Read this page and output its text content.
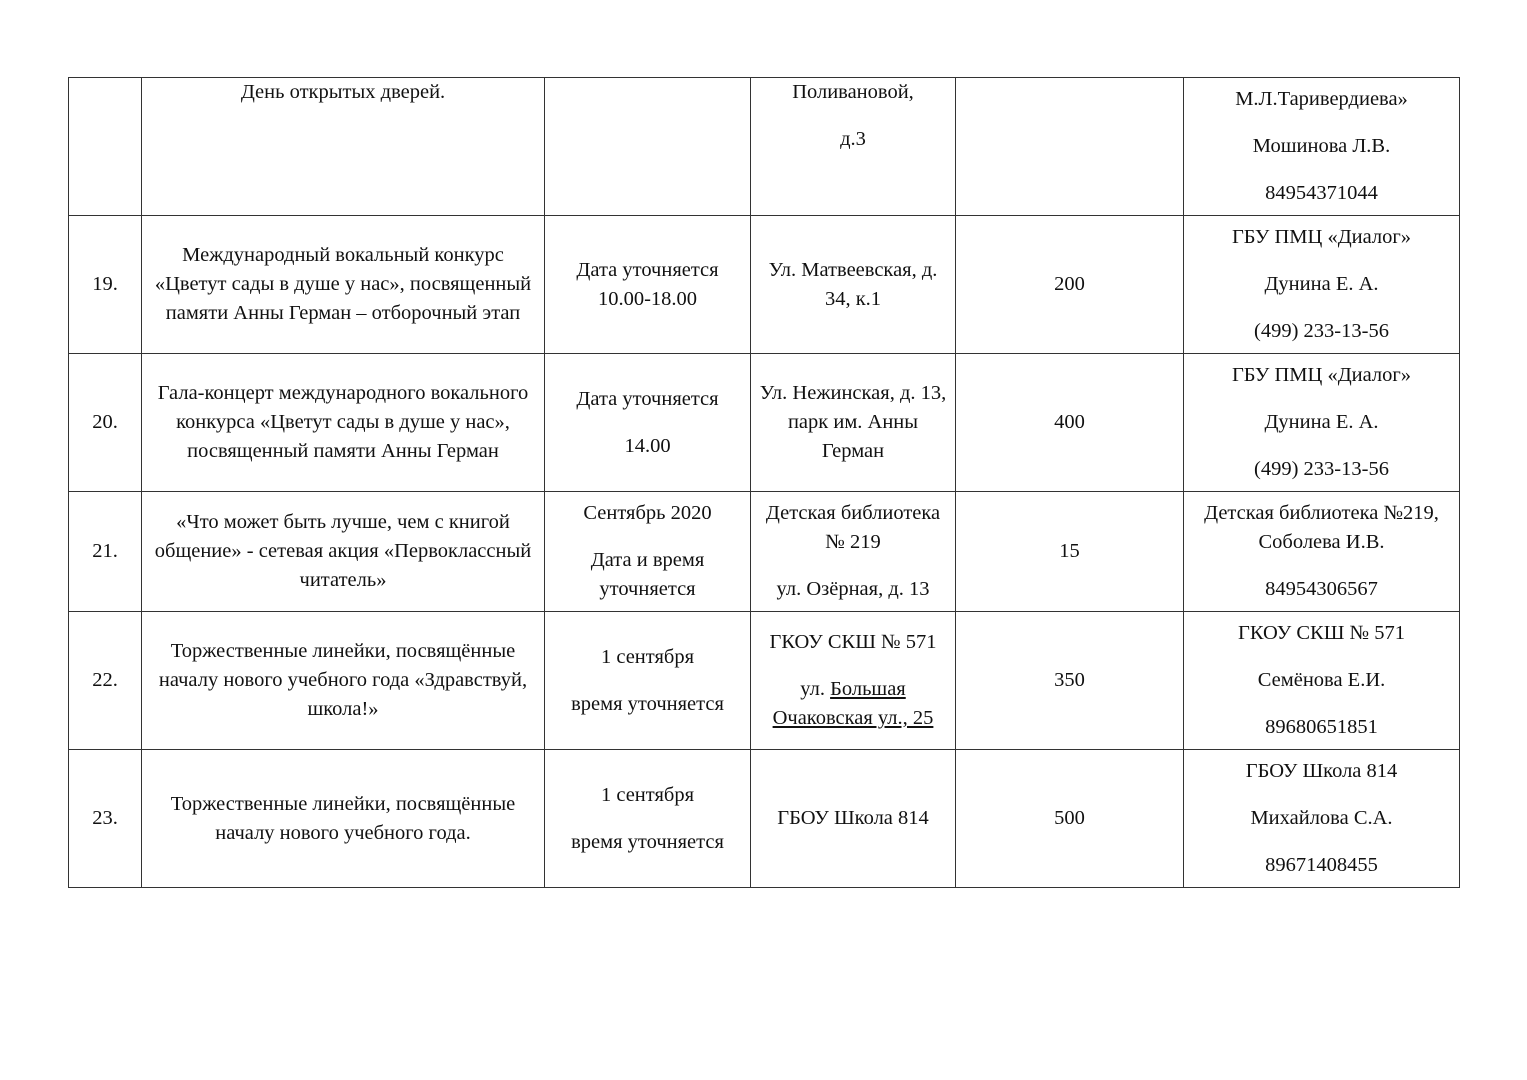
	День открытых дверей.		Поливановой,
д.3		М.Л.Таривердиева»
Мошинова Л.В.
84954371044

19.	Международный вокальный конкурс «Цветут сады в душе у нас», посвященный памяти Анны Герман – отборочный этап	Дата уточняется
10.00-18.00	Ул. Матвеевская, д. 34, к.1	200	ГБУ ПМЦ «Диалог»
Дунина Е. А.
(499) 233-13-56

20.	Гала-концерт международного вокального конкурса «Цветут сады в душе у нас», посвященный памяти Анны Герман	Дата уточняется
14.00	Ул. Нежинская, д. 13, парк им. Анны Герман	400	ГБУ ПМЦ «Диалог»
Дунина Е. А.
(499) 233-13-56

21.	«Что может быть лучше, чем с книгой общение» - сетевая акция «Первоклассный читатель»	Сентябрь 2020
Дата и время уточняется	Детская библиотека № 219
ул. Озёрная, д. 13	15	Детская библиотека №219, Соболева И.В.
84954306567

22.	Торжественные линейки, посвящённые началу нового учебного года «Здравствуй, школа!»	1 сентября
время уточняется	ГКОУ СКШ № 571
ул. Большая Очаковская ул., 25	350	ГКОУ СКШ № 571
Семёнова Е.И.
89680651851

23.	Торжественные линейки, посвящённые началу нового учебного года.	1 сентября
время уточняется	ГБОУ Школа 814	500	ГБОУ Школа 814
Михайлова С.А.
89671408455
